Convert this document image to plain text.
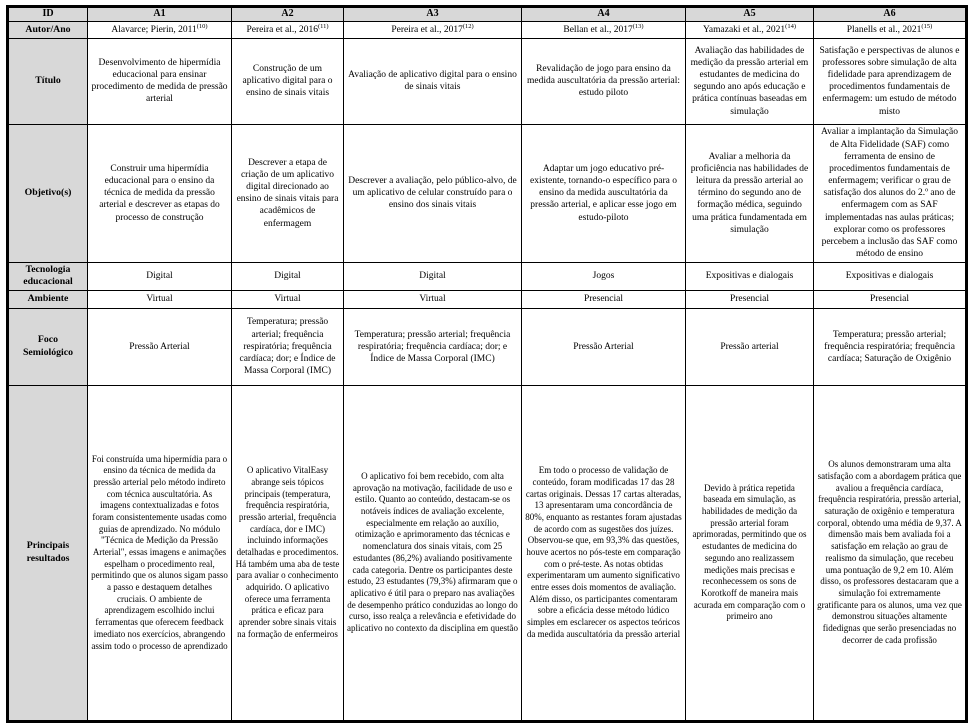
ID	A1	A2	A3	A4	A5	A6
Autor/Ano	Alavarce; Pierin, 2011$^{(10)}$	Pereira et al., 2016$^{(11)}$	Pereira et al., 2017$^{(12)}$	Bellan et al., 2017$^{(13)}$	Yamazaki et al., 2021$^{(14)}$	Planells et al., 2021$^{(15)}$
Título	Desenvolvimento de hipermídia educacional para ensinar procedimento de medida de pressão arterial	Construção de um aplicativo digital para o ensino de sinais vitais	Avaliação de aplicativo digital para o ensino de sinais vitais	Revalidação de jogo para ensino da medida auscultatória da pressão arterial: estudo piloto	Avaliação das habilidades de medição da pressão arterial em estudantes de medicina do segundo ano após educação e prática contínuas baseadas em simulação	Satisfação e perspectivas de alunos e professores sobre simulação de alta fidelidade para aprendizagem de procedimentos fundamentais de enfermagem: um estudo de método misto
Objetivo(s)	Construir uma hipermídia educacional para o ensino da técnica de medida da pressão arterial e descrever as etapas do processo de construção	Descrever a etapa de criação de um aplicativo digital direcionado ao ensino de sinais vitais para acadêmicos de enfermagem	Descrever a avaliação, pelo público-alvo, de um aplicativo de celular construído para o ensino dos sinais vitais	Adaptar um jogo educativo pré-existente, tornando-o específico para o ensino da medida auscultatória da pressão arterial, e aplicar esse jogo em estudo-piloto	Avaliar a melhoria da proficiência nas habilidades de leitura da pressão arterial ao término do segundo ano de formação médica, seguindo uma prática fundamentada em simulação	Avaliar a implantação da Simulação de Alta Fidelidade (SAF) como ferramenta de ensino de procedimentos fundamentais de enfermagem; verificar o grau de satisfação dos alunos do 2.º ano de enfermagem com as SAF implementadas nas aulas práticas; explorar como os professores percebem a inclusão das SAF como método de ensino
Tecnologia educacional	Digital	Digital	Digital	Jogos	Expositivas e dialogais	Expositivas e dialogais
Ambiente	Virtual	Virtual	Virtual	Presencial	Presencial	Presencial
Foco Semiológico	Pressão Arterial	Temperatura; pressão arterial; frequência respiratória; frequência cardíaca; dor; e Índice de Massa Corporal (IMC)	Temperatura; pressão arterial; frequência respiratória; frequência cardíaca; dor; e Índice de Massa Corporal (IMC)	Pressão Arterial	Pressão arterial	Temperatura; pressão arterial; frequência respiratória; frequência cardíaca; Saturação de Oxigênio
Principais resultados	Foi construída uma hipermídia para o ensino da técnica de medida da pressão arterial pelo método indireto com técnica auscultatória. As imagens contextualizadas e fotos foram consistentemente usadas como guias de aprendizado. No módulo "Técnica de Medição da Pressão Arterial", essas imagens e animações espelham o procedimento real, permitindo que os alunos sigam passo a passo e destaquem detalhes cruciais. O ambiente de aprendizagem escolhido inclui ferramentas que oferecem feedback imediato nos exercícios, abrangendo assim todo o processo de aprendizado	O aplicativo VitalEasy abrange seis tópicos principais (temperatura, frequência respiratória, pressão arterial, frequência cardíaca, dor e IMC) incluindo informações detalhadas e procedimentos. Há também uma aba de teste para avaliar o conhecimento adquirido. O aplicativo oferece uma ferramenta prática e eficaz para aprender sobre sinais vitais na formação de enfermeiros	O aplicativo foi bem recebido, com alta aprovação na motivação, facilidade de uso e estilo. Quanto ao conteúdo, destacam-se os notáveis índices de avaliação excelente, especialmente em relação ao auxílio, otimização e aprimoramento das técnicas e nomenclatura dos sinais vitais, com 25 estudantes (86,2%) avaliando positivamente cada categoria. Dentre os participantes deste estudo, 23 estudantes (79,3%) afirmaram que o aplicativo é útil para o preparo nas avaliações de desempenho prático conduzidas ao longo do curso, isso realça a relevância e efetividade do aplicativo no contexto da disciplina em questão	Em todo o processo de validação de conteúdo, foram modificadas 17 das 28 cartas originais. Dessas 17 cartas alteradas, 13 apresentaram uma concordância de 80%, enquanto as restantes foram ajustadas de acordo com as sugestões dos juízes. Observou-se que, em 93,3% das questões, houve acertos no pós-teste em comparação com o pré-teste. As notas obtidas experimentaram um aumento significativo entre esses dois momentos de avaliação. Além disso, os participantes comentaram sobre a eficácia desse método lúdico simples em esclarecer os aspectos teóricos da medida auscultatória da pressão arterial	Devido à prática repetida baseada em simulação, as habilidades de medição da pressão arterial foram aprimoradas, permitindo que os estudantes de medicina do segundo ano realizassem medições mais precisas e reconhecessem os sons de Korotkoff de maneira mais acurada em comparação com o primeiro ano	Os alunos demonstraram uma alta satisfação com a abordagem prática que avaliou a frequência cardíaca, frequência respiratória, pressão arterial, saturação de oxigênio e temperatura corporal, obtendo uma média de 9,37. A dimensão mais bem avaliada foi a satisfação em relação ao grau de realismo da simulação, que recebeu uma pontuação de 9,2 em 10. Além disso, os professores destacaram que a simulação foi extremamente gratificante para os alunos, uma vez que demonstrou situações altamente fidedignas que serão presenciadas no decorrer de cada profissão
